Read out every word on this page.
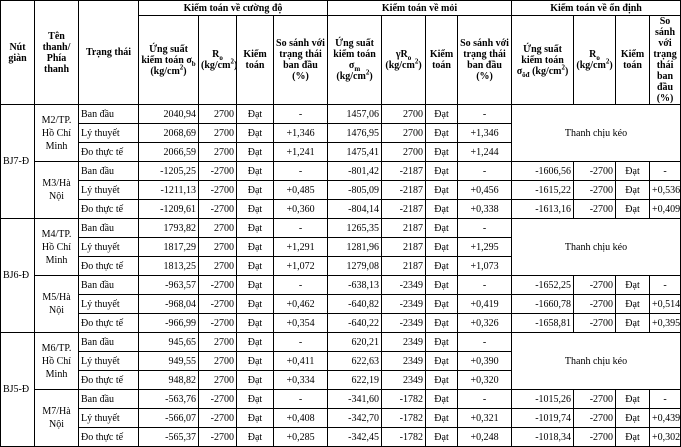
Nút giàn	Tên thanh/ Phía thanh	Trạng thái	Kiểm toán về cường độ				Kiểm toán về mỏi				Kiểm toán về ổn định			
			Ứng suất kiểm toán $\sigma_b$ $(kg/cm^2)$	$R_o$ $(kg/cm^2)$	Kiểm toán	So sánh với trạng thái ban đầu (%)	Ứng suất kiểm toán $\sigma_m$ $(kg/cm^2)$	$\gamma R_o$ $(kg/cm^2)$	Kiểm toán	So sánh với trạng thái ban đầu (%)	Ứng suất kiểm toán $\sigma_{ôđ}$ $(kg/cm^2)$	$R_o$ $(kg/cm^2)$	Kiểm toán	So sánh với trạng thái ban đầu (%)
BJ7-Đ	M2/TP. Hồ Chí Minh	Ban đầu	2040,94	2700	Đạt	-	1457,06	2700	Đạt	-	Thanh chịu kéo			
		Lý thuyết	2068,69	2700	Đạt	+1,346	1476,95	2700	Đạt	+1,346				
		Đo thực tế	2066,59	2700	Đạt	+1,241	1475,41	2700	Đạt	+1,244				
	M3/Hà Nội	Ban đầu	-1205,25	-2700	Đạt	-	-801,42	-2187	Đạt	-	-1606,56	-2700	Đạt	-
		Lý thuyết	-1211,13	-2700	Đạt	+0,485	-805,09	-2187	Đạt	+0,456	-1615,22	-2700	Đạt	+0,536
		Đo thực tế	-1209,61	-2700	Đạt	+0,360	-804,14	-2187	Đạt	+0,338	-1613,16	-2700	Đạt	+0,409
BJ6-Đ	M4/TP. Hồ Chí Minh	Ban đầu	1793,82	2700	Đạt	-	1265,35	2187	Đạt	-	Thanh chịu kéo			
		Lý thuyết	1817,29	2700	Đạt	+1,291	1281,96	2187	Đạt	+1,295				
		Đo thực tế	1813,25	2700	Đạt	+1,072	1279,08	2187	Đạt	+1,073				
	M5/Hà Nội	Ban đầu	-963,57	-2700	Đạt	-	-638,13	-2349	Đạt	-	-1652,25	-2700	Đạt	-
		Lý thuyết	-968,04	-2700	Đạt	+0,462	-640,82	-2349	Đạt	+0,419	-1660,78	-2700	Đạt	+0,514
		Đo thực tế	-966,99	-2700	Đạt	+0,354	-640,22	-2349	Đạt	+0,326	-1658,81	-2700	Đạt	+0,395
BJ5-Đ	M6/TP. Hồ Chí Minh	Ban đầu	945,65	2700	Đạt	-	620,21	2349	Đạt	-	Thanh chịu kéo			
		Lý thuyết	949,55	2700	Đạt	+0,411	622,63	2349	Đạt	+0,390				
		Đo thực tế	948,82	2700	Đạt	+0,334	622,19	2349	Đạt	+0,320				
	M7/Hà Nội	Ban đầu	-563,76	-2700	Đạt	-	-341,60	-1782	Đạt	-	-1015,26	-2700	Đạt	-
		Lý thuyết	-566,07	-2700	Đạt	+0,408	-342,70	-1782	Đạt	+0,321	-1019,74	-2700	Đạt	+0,439
		Đo thực tế	-565,37	-2700	Đạt	+0,285	-342,45	-1782	Đạt	+0,248	-1018,34	-2700	Đạt	+0,302
